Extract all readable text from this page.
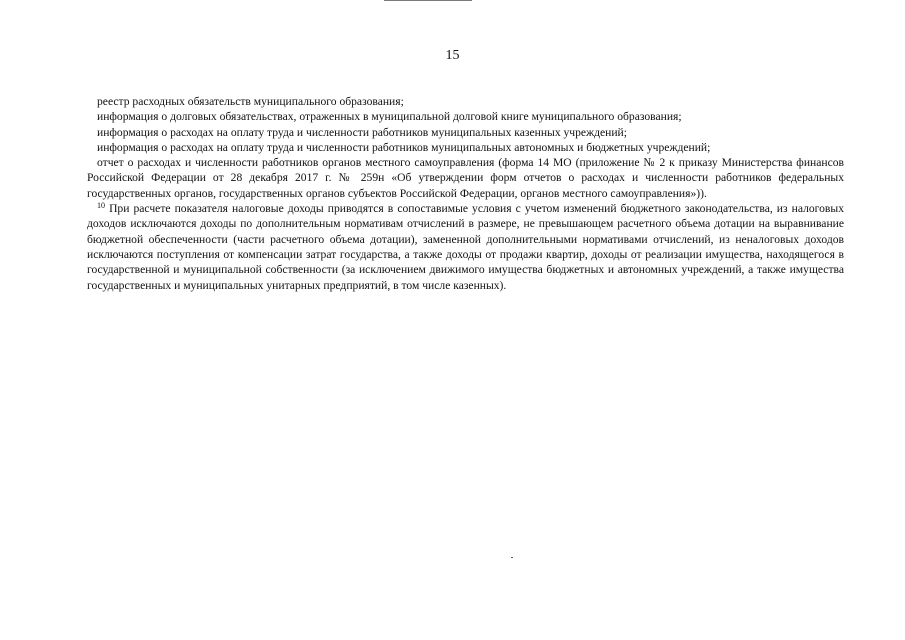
15
реестр расходных обязательств муниципального образования;
информация о долговых обязательствах, отраженных в муниципальной долговой книге муниципального образования;
информация о расходах на оплату труда и численности работников муниципальных казенных учреждений;
информация о расходах на оплату труда и численности работников муниципальных автономных и бюджетных учреждений;

отчет о расходах и численности работников органов местного самоуправления (форма 14 МО (приложение № 2 к приказу Министерства финансов Российской Федерации от 28 декабря 2017 г. № 259н «Об утверждении форм отчетов о расходах и численности работников федеральных государственных органов, государственных органов субъектов Российской Федерации, органов местного самоуправления»)).

$^{10}$ При расчете показателя налоговые доходы приводятся в сопоставимые условия с учетом изменений бюджетного законодательства, из налоговых доходов исключаются доходы по дополнительным нормативам отчислений в размере, не превышающем расчетного объема дотации на выравнивание бюджетной обеспеченности (части расчетного объема дотации), замененной дополнительными нормативами отчислений, из неналоговых доходов исключаются поступления от компенсации затрат государства, а также доходы от продажи квартир, доходы от реализации имущества, находящегося в государственной и муниципальной собственности (за исключением движимого имущества бюджетных и автономных учреждений, а также имущества государственных и муниципальных унитарных предприятий, в том числе казенных).
